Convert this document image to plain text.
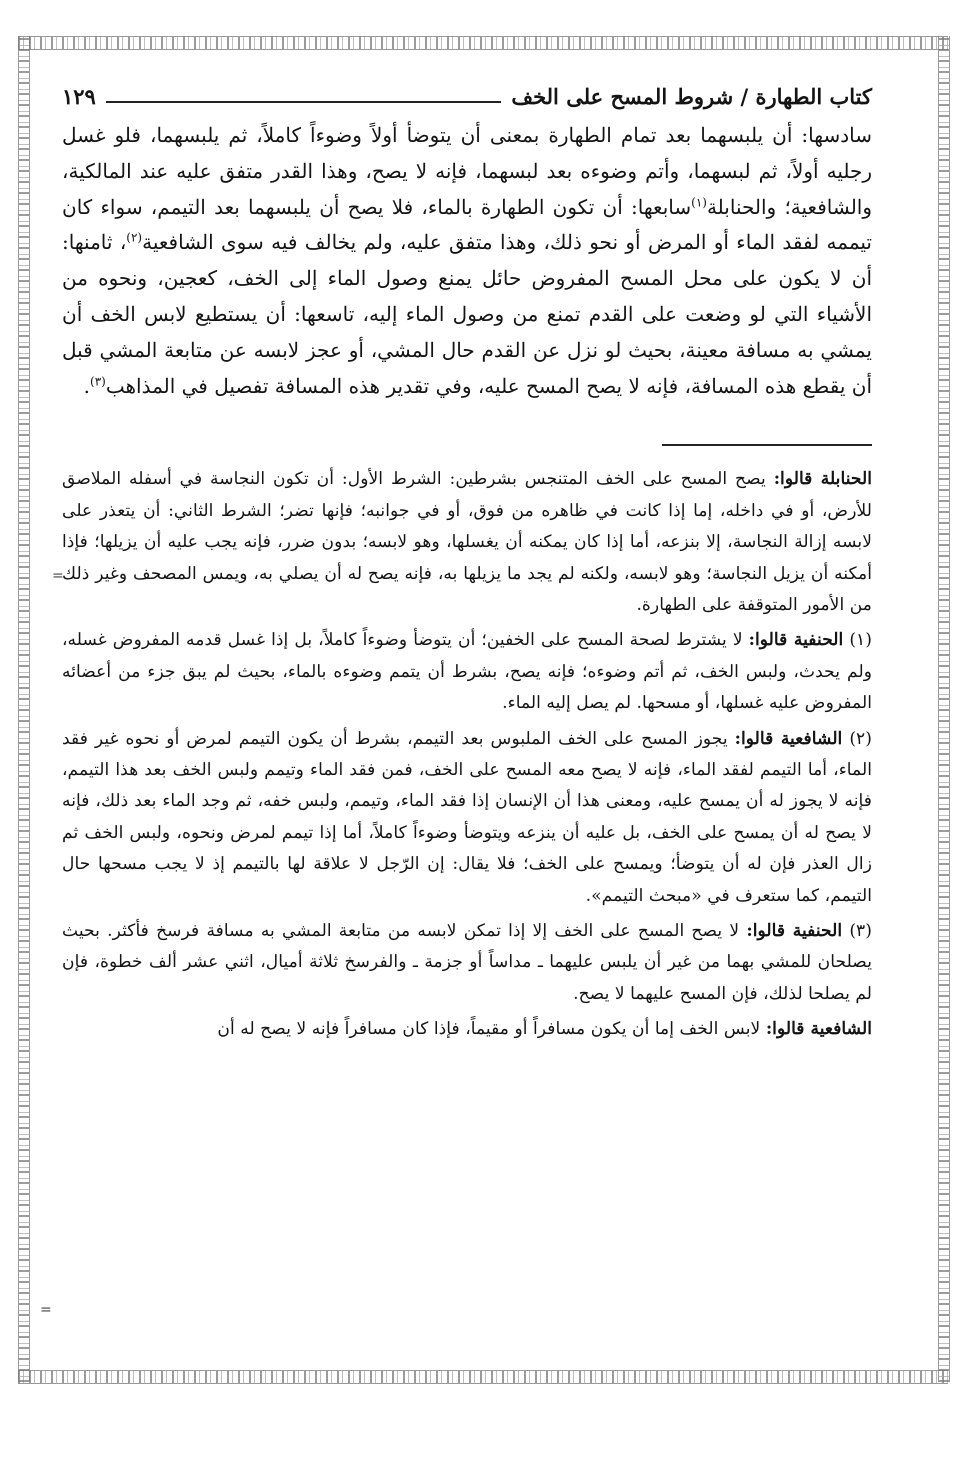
=
=
كتاب الطهارة / شروط المسح على الخف
١٢٩

سادسها: أن يلبسهما بعد تمام الطهارة بمعنى أن يتوضأ أولاً وضوءاً كاملاً، ثم يلبسهما، فلو غسل رجليه أولاً، ثم لبسهما، وأتم وضوءه بعد لبسهما، فإنه لا يصح، وهذا القدر متفق عليه عند المالكية، والشافعية؛ والحنابلة$^{(١)}$سابعها: أن تكون الطهارة بالماء، فلا يصح أن يلبسهما بعد التيمم، سواء كان تيممه لفقد الماء أو المرض أو نحو ذلك، وهذا متفق عليه، ولم يخالف فيه سوى الشافعية$^{(٢)}$، ثامنها: أن لا يكون على محل المسح المفروض حائل يمنع وصول الماء إلى الخف، كعجين، ونحوه من الأشياء التي لو وضعت على القدم تمنع من وصول الماء إليه، تاسعها: أن يستطيع لابس الخف أن يمشي به مسافة معينة، بحيث لو نزل عن القدم حال المشي، أو عجز لابسه عن متابعة المشي قبل أن يقطع هذه المسافة، فإنه لا يصح المسح عليه، وفي تقدير هذه المسافة تفصيل في المذاهب$^{(٣)}$.

الحنابلة قالوا: يصح المسح على الخف المتنجس بشرطين: الشرط الأول: أن تكون النجاسة في أسفله الملاصق للأرض، أو في داخله، إما إذا كانت في ظاهره من فوق، أو في جوانبه؛ فإنها تضر؛ الشرط الثاني: أن يتعذر على لابسه إزالة النجاسة، إلا بنزعه، أما إذا كان يمكنه أن يغسلها، وهو لابسه؛ بدون ضرر، فإنه يجب عليه أن يزيلها؛ فإذا أمكنه أن يزيل النجاسة؛ وهو لابسه، ولكنه لم يجد ما يزيلها به، فإنه يصح له أن يصلي به، ويمس المصحف وغير ذلك من الأمور المتوقفة على الطهارة.

(١) الحنفية قالوا: لا يشترط لصحة المسح على الخفين؛ أن يتوضأ وضوءاً كاملاً، بل إذا غسل قدمه المفروض غسله، ولم يحدث، ولبس الخف، ثم أتم وضوءه؛ فإنه يصح، بشرط أن يتمم وضوءه بالماء، بحيث لم يبق جزء من أعضائه المفروض عليه غسلها، أو مسحها. لم يصل إليه الماء.

(٢) الشافعية قالوا: يجوز المسح على الخف الملبوس بعد التيمم، بشرط أن يكون التيمم لمرض أو نحوه غير فقد الماء، أما التيمم لفقد الماء، فإنه لا يصح معه المسح على الخف، فمن فقد الماء وتيمم ولبس الخف بعد هذا التيمم، فإنه لا يجوز له أن يمسح عليه، ومعنى هذا أن الإنسان إذا فقد الماء، وتيمم، ولبس خفه، ثم وجد الماء بعد ذلك، فإنه لا يصح له أن يمسح على الخف، بل عليه أن ينزعه ويتوضأ وضوءاً كاملاً، أما إذا تيمم لمرض ونحوه، ولبس الخف ثم زال العذر فإن له أن يتوضأ؛ ويمسح على الخف؛ فلا يقال: إن الرّجل لا علاقة لها بالتيمم إذ لا يجب مسحها حال التيمم، كما ستعرف في «مبحث التيمم».

(٣) الحنفية قالوا: لا يصح المسح على الخف إلا إذا تمكن لابسه من متابعة المشي به مسافة فرسخ فأكثر. بحيث يصلحان للمشي بهما من غير أن يلبس عليهما ـ مداساً أو جزمة ـ والفرسخ ثلاثة أميال، اثني عشر ألف خطوة، فإن لم يصلحا لذلك، فإن المسح عليهما لا يصح.

الشافعية قالوا: لابس الخف إما أن يكون مسافراً أو مقيماً، فإذا كان مسافراً فإنه لا يصح له أن
